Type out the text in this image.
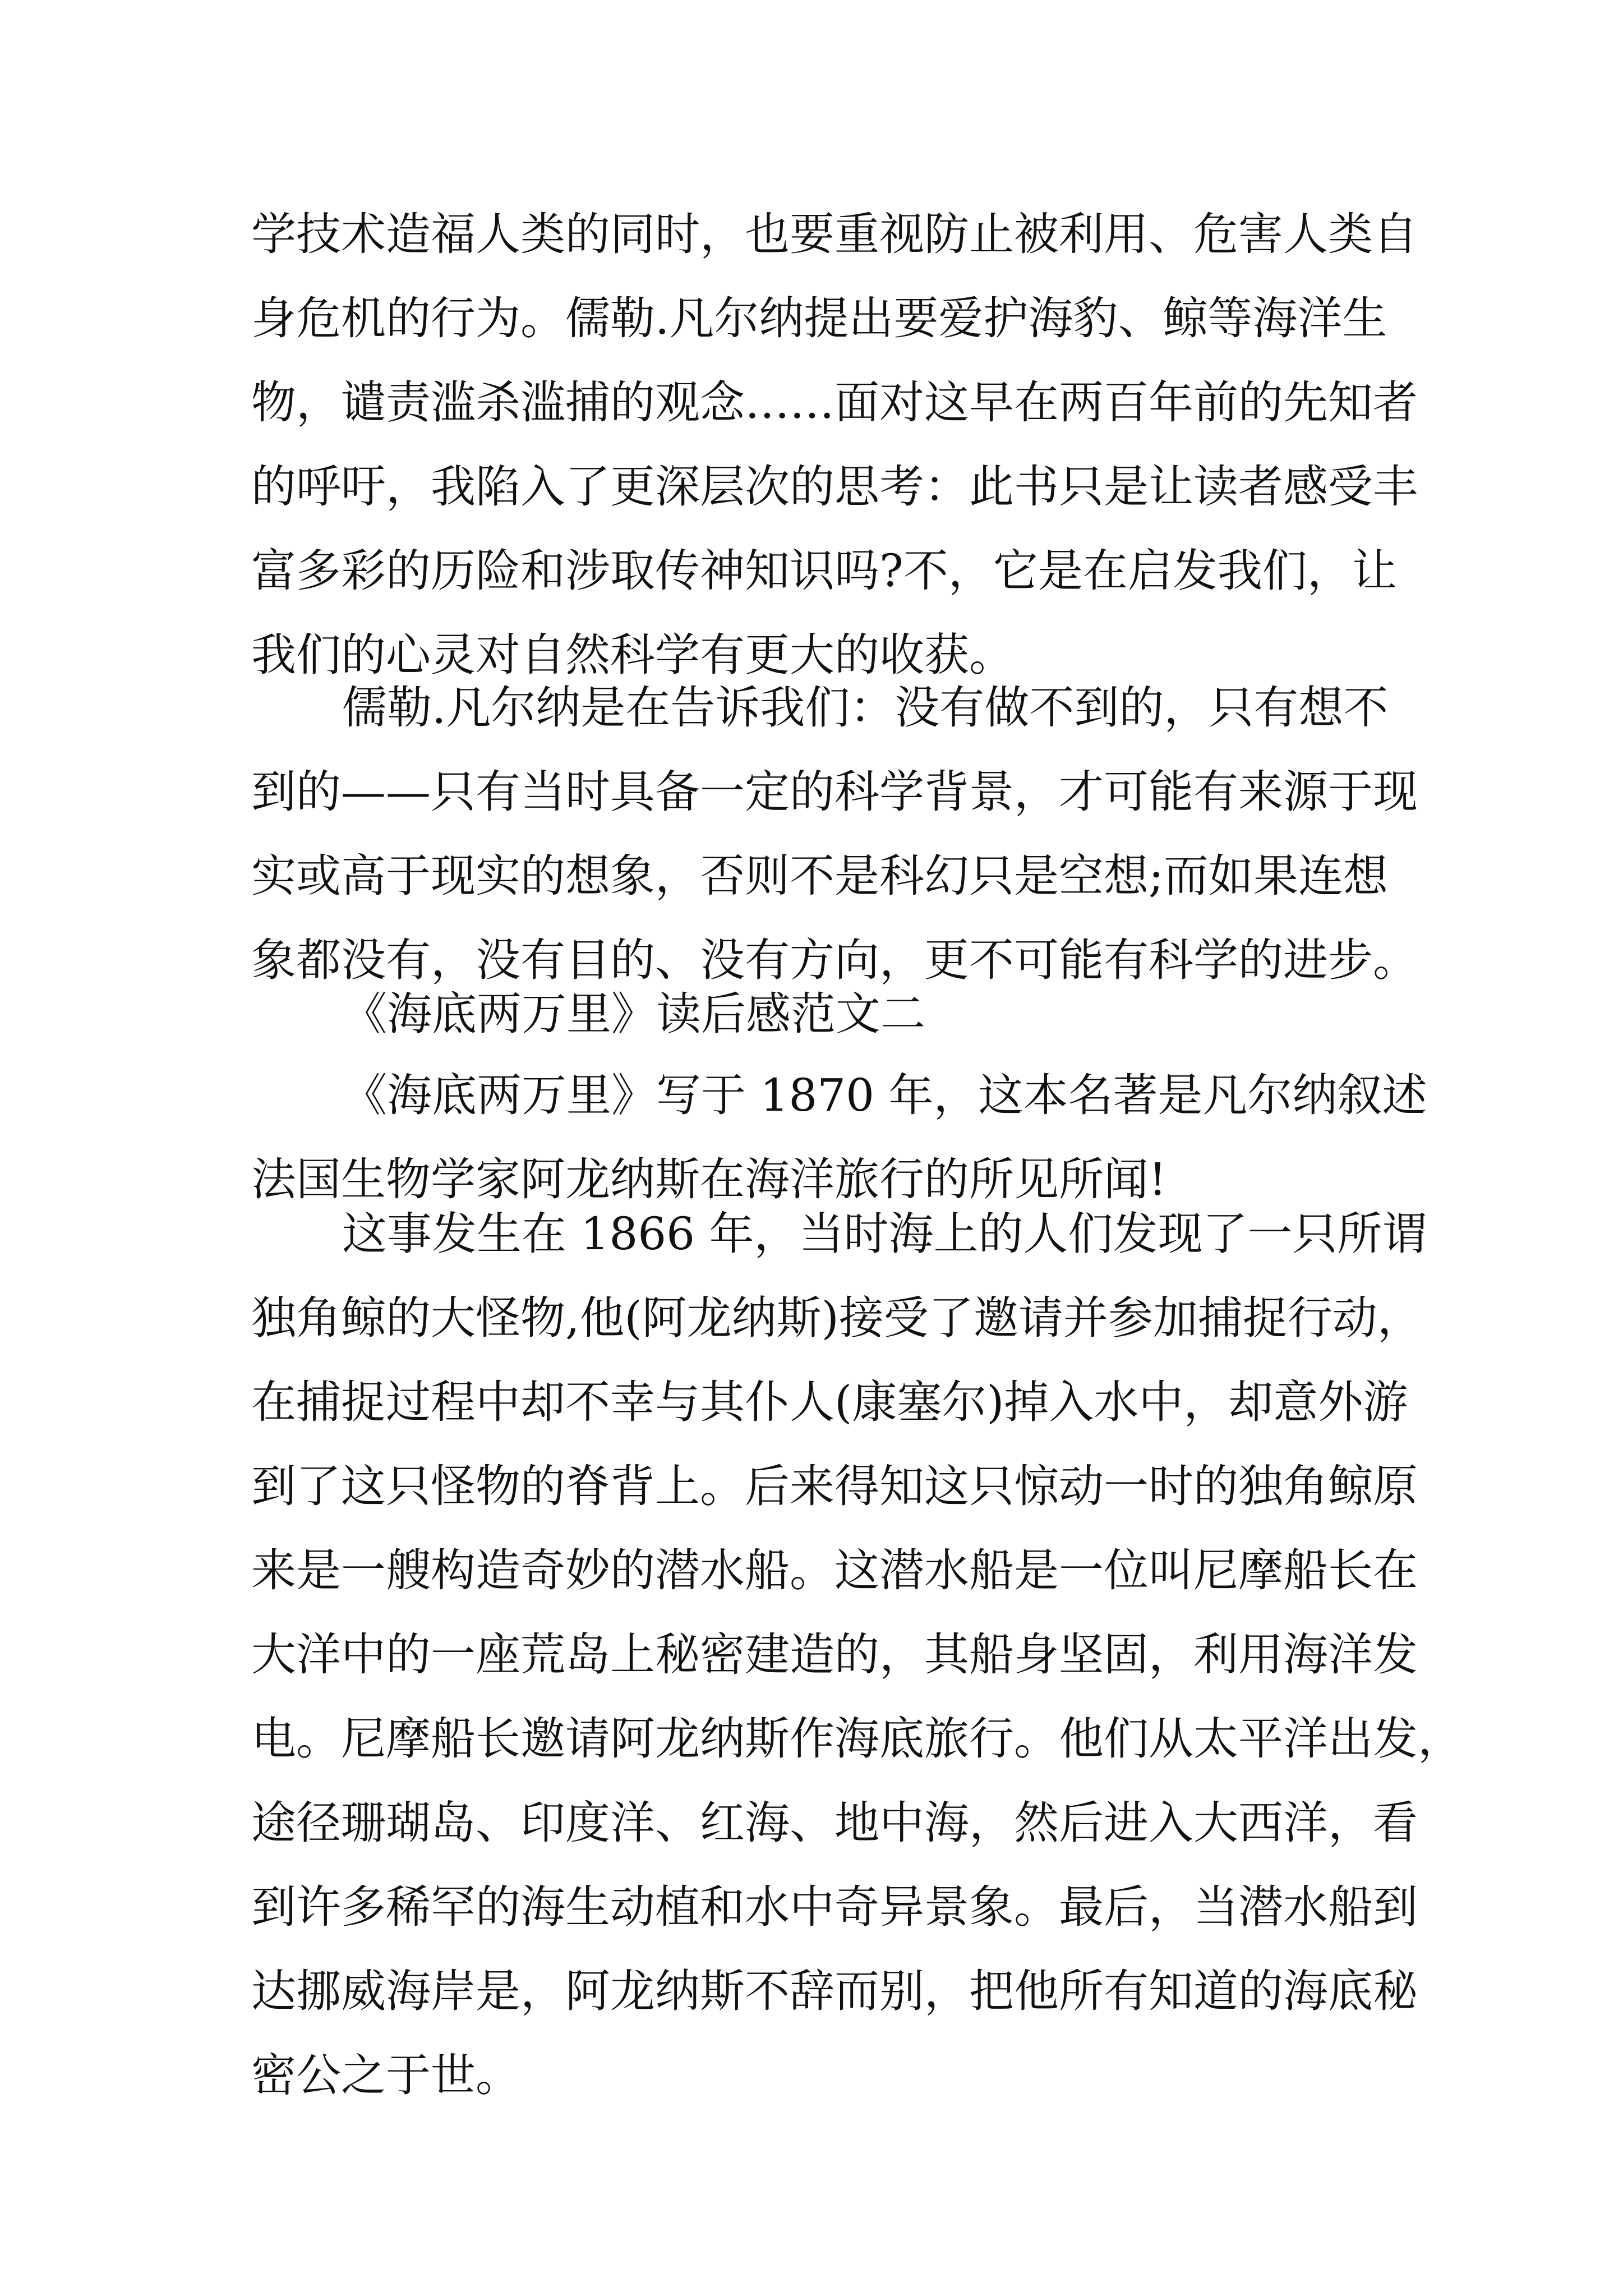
学技术造福人类的同时，也要重视防止被利用、危害人类自
身危机的行为。儒勒.凡尔纳提出要爱护海豹、鲸等海洋生
物，谴责滥杀滥捕的观念……面对这早在两百年前的先知者
的呼吁，我陷入了更深层次的思考：此书只是让读者感受丰
富多彩的历险和涉取传神知识吗?不，它是在启发我们，让
我们的心灵对自然科学有更大的收获。
儒勒.凡尔纳是在告诉我们：没有做不到的，只有想不
到的——只有当时具备一定的科学背景，才可能有来源于现
实或高于现实的想象，否则不是科幻只是空想;而如果连想
象都没有，没有目的、没有方向，更不可能有科学的进步。
《海底两万里》读后感范文二
《海底两万里》写于 1870 年，这本名著是凡尔纳叙述
法国生物学家阿龙纳斯在海洋旅行的所见所闻!
这事发生在 1866 年，当时海上的人们发现了一只所谓
独角鲸的大怪物,他(阿龙纳斯)接受了邀请并参加捕捉行动，
在捕捉过程中却不幸与其仆人(康塞尔)掉入水中，却意外游
到了这只怪物的脊背上。后来得知这只惊动一时的独角鲸原
来是一艘构造奇妙的潜水船。这潜水船是一位叫尼摩船长在
大洋中的一座荒岛上秘密建造的，其船身坚固，利用海洋发
电。尼摩船长邀请阿龙纳斯作海底旅行。他们从太平洋出发，
途径珊瑚岛、印度洋、红海、地中海，然后进入大西洋，看
到许多稀罕的海生动植和水中奇异景象。最后，当潜水船到
达挪威海岸是，阿龙纳斯不辞而别，把他所有知道的海底秘
密公之于世。
